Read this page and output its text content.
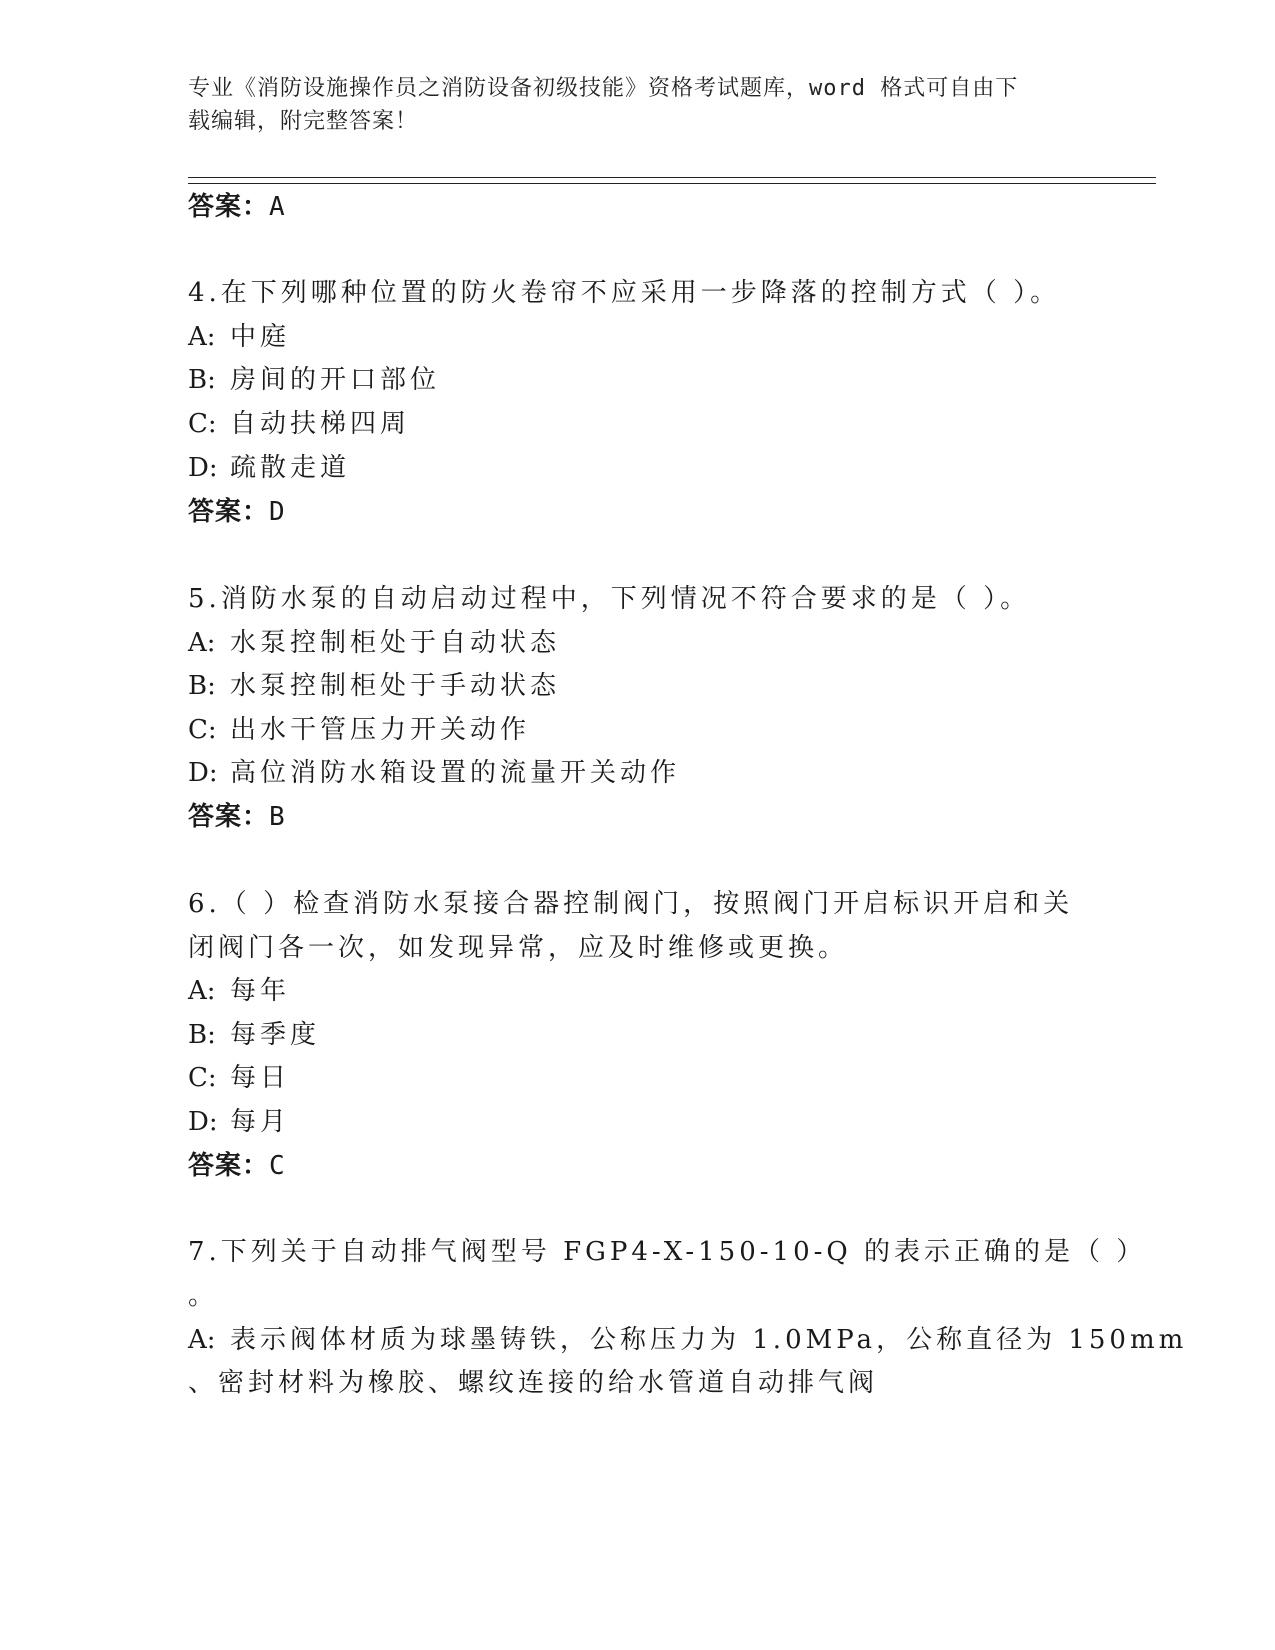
专业《消防设施操作员之消防设备初级技能》资格考试题库，word 格式可自由下
载编辑，附完整答案！
答案：A
4.在下列哪种位置的防火卷帘不应采用一步降落的控制方式（ ）。
A: 中庭
B: 房间的开口部位
C: 自动扶梯四周
D: 疏散走道
答案：D
5.消防水泵的自动启动过程中，下列情况不符合要求的是（ ）。
A: 水泵控制柜处于自动状态
B: 水泵控制柜处于手动状态
C: 出水干管压力开关动作
D: 高位消防水箱设置的流量开关动作
答案：B
6.（ ）检查消防水泵接合器控制阀门，按照阀门开启标识开启和关
闭阀门各一次，如发现异常，应及时维修或更换。
A: 每年
B: 每季度
C: 每日
D: 每月
答案：C
7.下列关于自动排气阀型号 FGP4-X-150-10-Q 的表示正确的是（ ）
。
A: 表示阀体材质为球墨铸铁，公称压力为 1.0MPa，公称直径为 150mm
、密封材料为橡胶、螺纹连接的给水管道自动排气阀
